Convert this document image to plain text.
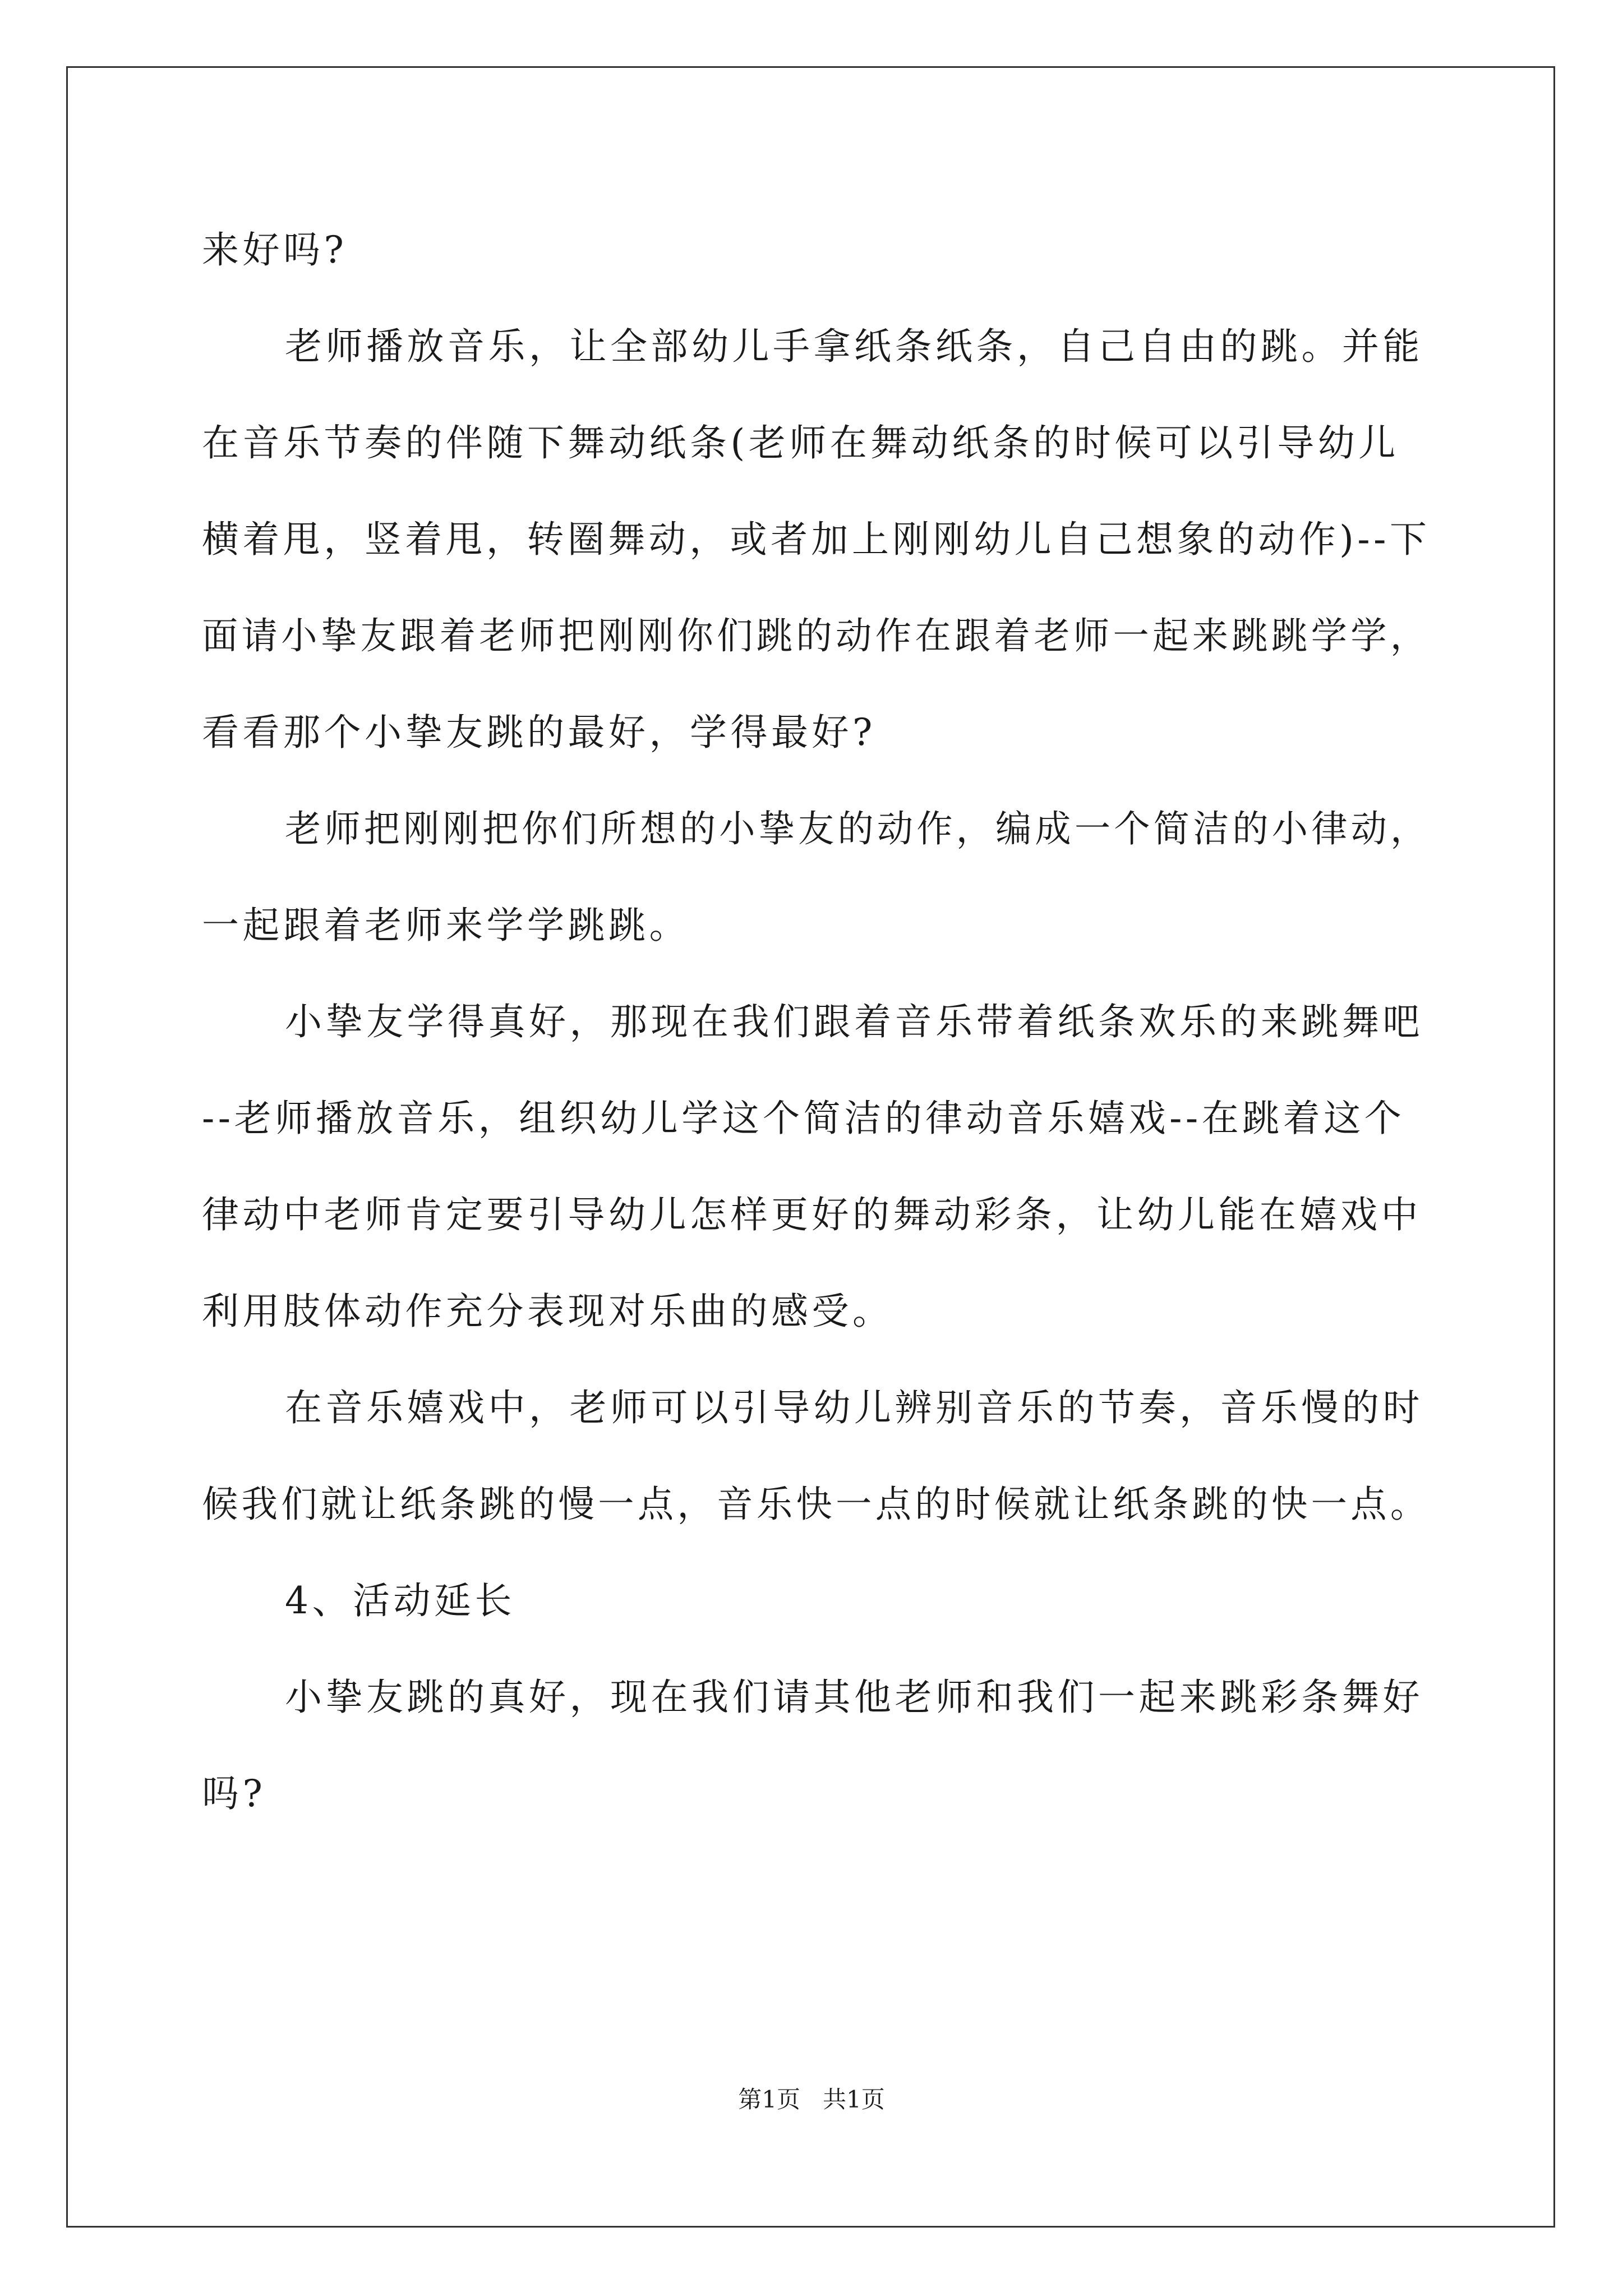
来好吗?
老师播放音乐，让全部幼儿手拿纸条纸条，自己自由的跳。并能
在音乐节奏的伴随下舞动纸条(老师在舞动纸条的时候可以引导幼儿
横着甩，竖着甩，转圈舞动，或者加上刚刚幼儿自己想象的动作)--下
面请小挚友跟着老师把刚刚你们跳的动作在跟着老师一起来跳跳学学，
看看那个小挚友跳的最好，学得最好?
老师把刚刚把你们所想的小挚友的动作，编成一个简洁的小律动，
一起跟着老师来学学跳跳。
小挚友学得真好，那现在我们跟着音乐带着纸条欢乐的来跳舞吧
--老师播放音乐，组织幼儿学这个简洁的律动音乐嬉戏--在跳着这个
律动中老师肯定要引导幼儿怎样更好的舞动彩条，让幼儿能在嬉戏中
利用肢体动作充分表现对乐曲的感受。
在音乐嬉戏中，老师可以引导幼儿辨别音乐的节奏，音乐慢的时
候我们就让纸条跳的慢一点，音乐快一点的时候就让纸条跳的快一点。
4、活动延长
小挚友跳的真好，现在我们请其他老师和我们一起来跳彩条舞好
吗?
第1页   共1页
